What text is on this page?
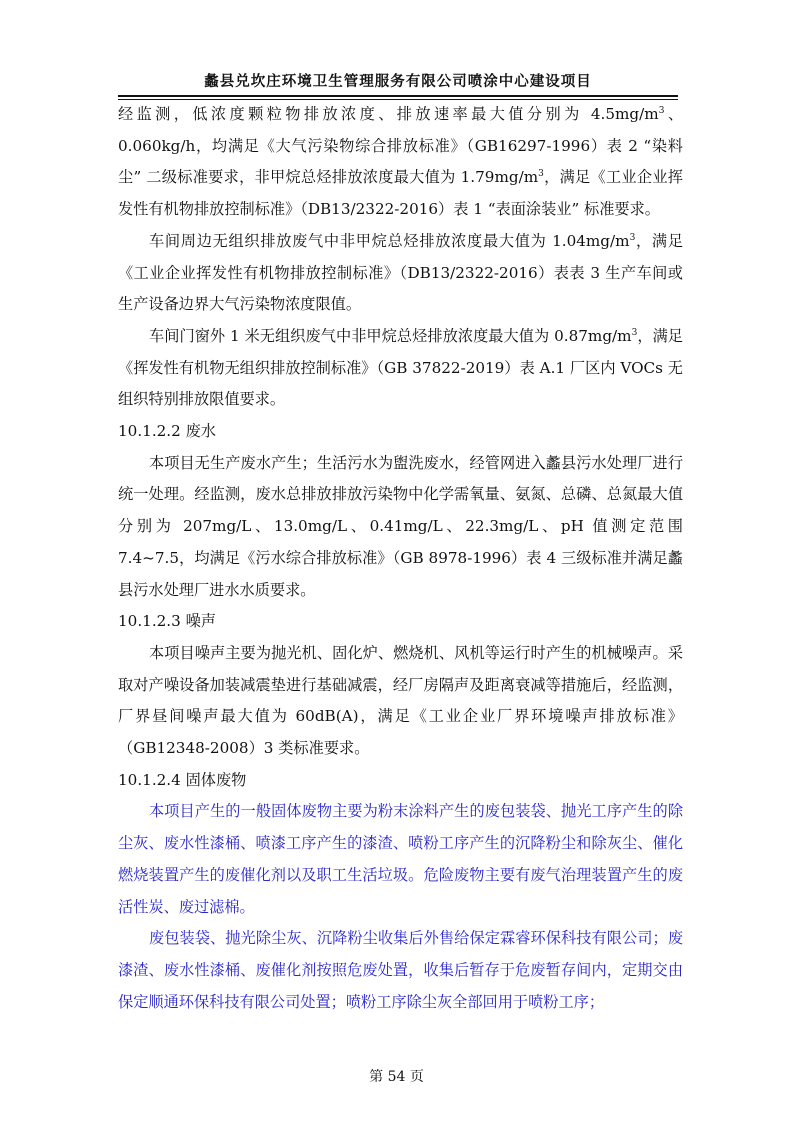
蠡县兑坎庄环境卫生管理服务有限公司喷涂中心建设项目

经监测，低浓度颗粒物排放浓度、排放速率最大值分别为 $4.5mg/m^3$、0.060kg/h，均满足《大气污染物综合排放标准》（GB16297-1996）表 2 “染料尘” 二级标准要求，非甲烷总烃排放浓度最大值为 $1.79mg/m^3$，满足《工业企业挥发性有机物排放控制标准》（DB13/2322-2016）表 1 “表面涂装业” 标准要求。

车间周边无组织排放废气中非甲烷总烃排放浓度最大值为 $1.04mg/m^3$，满足《工业企业挥发性有机物排放控制标准》（DB13/2322-2016）表表 3 生产车间或生产设备边界大气污染物浓度限值。

车间门窗外 1 米无组织废气中非甲烷总烃排放浓度最大值为 $0.87mg/m^3$，满足《挥发性有机物无组织排放控制标准》（GB 37822-2019）表 A.1 厂区内 VOCs 无组织特别排放限值要求。

10.1.2.2 废水

本项目无生产废水产生；生活污水为盥洗废水，经管网进入蠡县污水处理厂进行统一处理。经监测，废水总排放排放污染物中化学需氧量、氨氮、总磷、总氮最大值分别为 207mg/L、13.0mg/L、0.41mg/L、22.3mg/L、pH 值测定范围 7.4~7.5，均满足《污水综合排放标准》（GB 8978-1996）表 4 三级标准并满足蠡县污水处理厂进水水质要求。

10.1.2.3 噪声

本项目噪声主要为抛光机、固化炉、燃烧机、风机等运行时产生的机械噪声。采取对产噪设备加装减震垫进行基础减震，经厂房隔声及距离衰减等措施后，经监测，厂界昼间噪声最大值为 60dB(A)，满足《工业企业厂界环境噪声排放标准》（GB12348-2008）3 类标准要求。

10.1.2.4 固体废物

本项目产生的一般固体废物主要为粉末涂料产生的废包装袋、抛光工序产生的除尘灰、废水性漆桶、喷漆工序产生的漆渣、喷粉工序产生的沉降粉尘和除灰尘、催化燃烧装置产生的废催化剂以及职工生活垃圾。危险废物主要有废气治理装置产生的废活性炭、废过滤棉。

废包装袋、抛光除尘灰、沉降粉尘收集后外售给保定霖睿环保科技有限公司；废漆渣、废水性漆桶、废催化剂按照危废处置，收集后暂存于危废暂存间内，定期交由保定顺通环保科技有限公司处置；喷粉工序除尘灰全部回用于喷粉工序；

第 54 页
